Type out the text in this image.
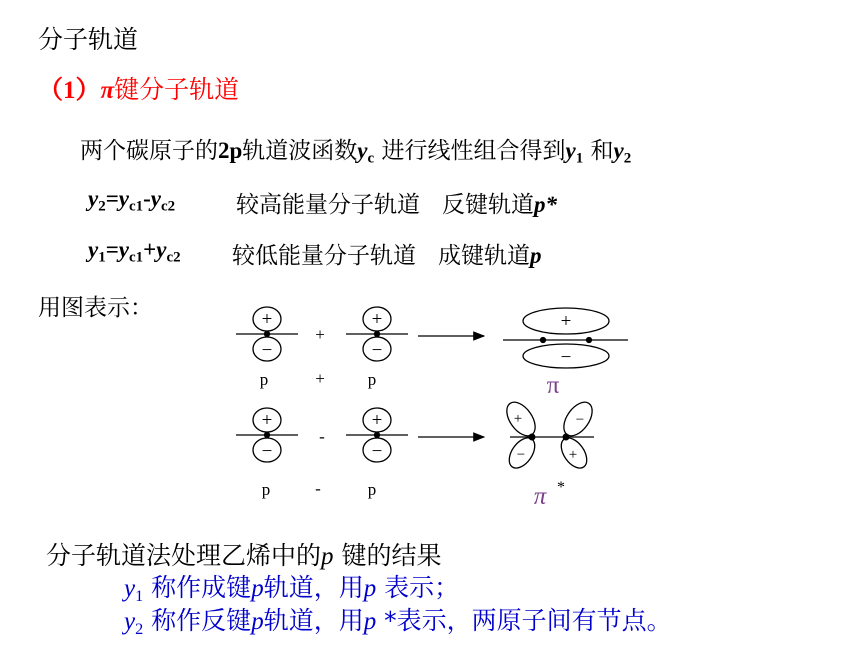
分子轨道
（1）π键分子轨道
两个碳原子的2p轨道波函数$y_c$ 进行线性组合得到$y_1$ 和$y_2$
$y_2=y_{c1}-y_{c2}$	较高能量分子轨道 反键轨道p*
$y_1=y_{c1}+y_{c2}$ 较低能量分子轨道 成键轨道p
用图表示：	+
−
+
+
−
+
−
p	+	p	π
+
−
-
+
−
+
−
−
+
p	-	p	π *
分子轨道法处理乙烯中的p 键的结果
$y_1$ 称作成键p轨道，用p 表示；
$y_2$ 称作反键p轨道，用p *表示，两原子间有节点。
